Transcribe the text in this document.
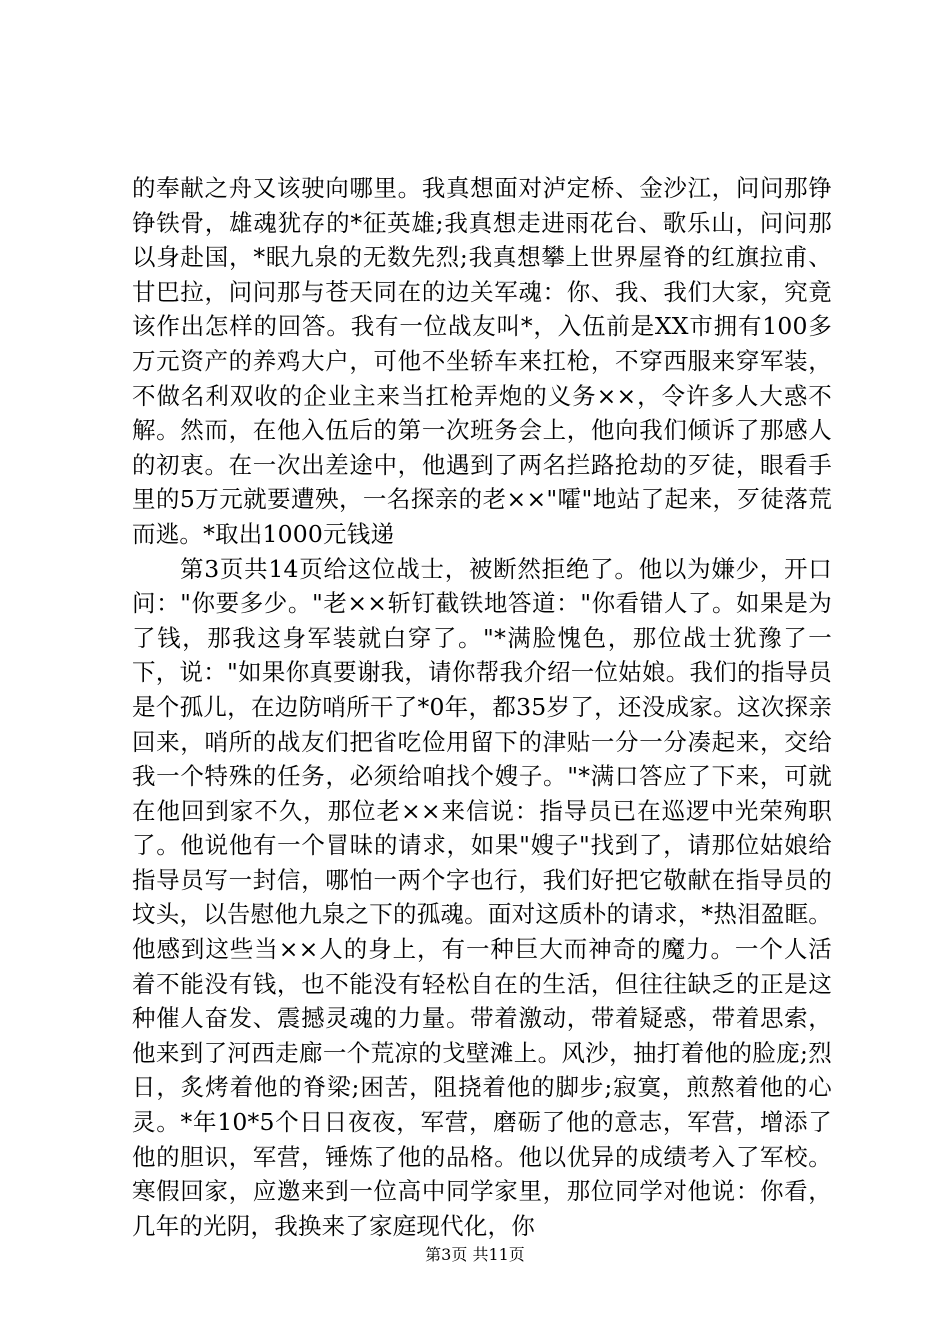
的奉献之舟又该驶向哪里。我真想面对泸定桥、金沙江，问问那铮铮铁骨，雄魂犹存的*征英雄;我真想走进雨花台、歌乐山，问问那以身赴国，*眠九泉的无数先烈;我真想攀上世界屋脊的红旗拉甫、甘巴拉，问问那与苍天同在的边关军魂：你、我、我们大家，究竟该作出怎样的回答。我有一位战友叫*，入伍前是XX市拥有100多万元资产的养鸡大户，可他不坐轿车来扛枪，不穿西服来穿军装，不做名利双收的企业主来当扛枪弄炮的义务××，令许多人大惑不解。然而，在他入伍后的第一次班务会上，他向我们倾诉了那感人的初衷。在一次出差途中，他遇到了两名拦路抢劫的歹徒，眼看手里的5万元就要遭殃，一名探亲的老××"嚯"地站了起来，歹徒落荒而逃。*取出1000元钱递

第3页共14页给这位战士，被断然拒绝了。他以为嫌少，开口问："你要多少。"老××斩钉截铁地答道："你看错人了。如果是为了钱，那我这身军装就白穿了。"*满脸愧色，那位战士犹豫了一下，说："如果你真要谢我，请你帮我介绍一位姑娘。我们的指导员是个孤儿，在边防哨所干了*0年，都35岁了，还没成家。这次探亲回来，哨所的战友们把省吃俭用留下的津贴一分一分凑起来，交给我一个特殊的任务，必须给咱找个嫂子。"*满口答应了下来，可就在他回到家不久，那位老××来信说：指导员已在巡逻中光荣殉职了。他说他有一个冒昧的请求，如果"嫂子"找到了，请那位姑娘给指导员写一封信，哪怕一两个字也行，我们好把它敬献在指导员的坟头，以告慰他九泉之下的孤魂。面对这质朴的请求，*热泪盈眶。他感到这些当××人的身上，有一种巨大而神奇的魔力。一个人活着不能没有钱，也不能没有轻松自在的生活，但往往缺乏的正是这种催人奋发、震撼灵魂的力量。带着激动，带着疑惑，带着思索，他来到了河西走廊一个荒凉的戈壁滩上。风沙，抽打着他的脸庞;烈日，炙烤着他的脊梁;困苦，阻挠着他的脚步;寂寞，煎熬着他的心灵。*年10*5个日日夜夜，军营，磨砺了他的意志，军营，增添了他的胆识，军营，锤炼了他的品格。他以优异的成绩考入了军校。寒假回家，应邀来到一位高中同学家里，那位同学对他说：你看，几年的光阴，我换来了家庭现代化，你

第3页 共11页
